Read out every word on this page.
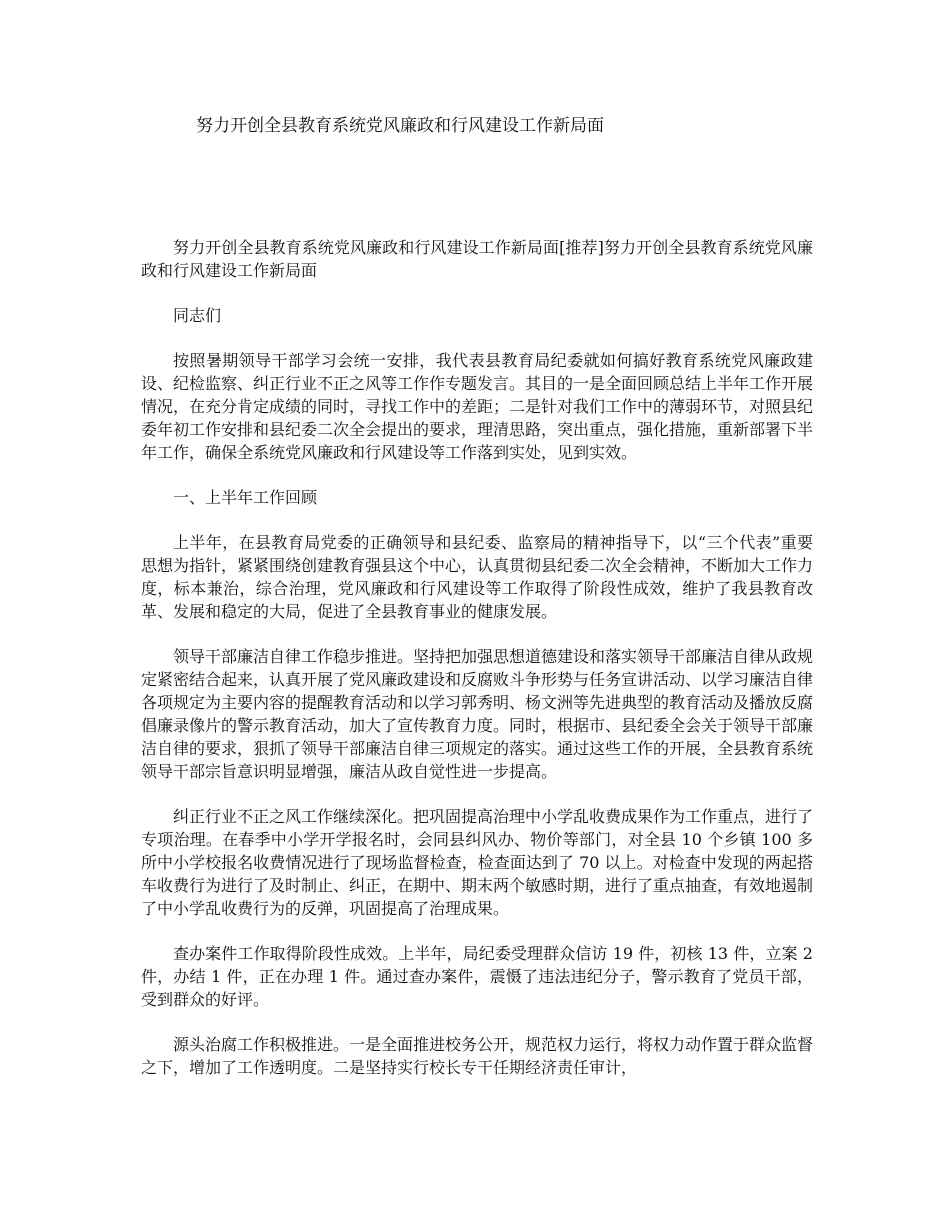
努力开创全县教育系统党风廉政和行风建设工作新局面

努力开创全县教育系统党风廉政和行风建设工作新局面[推荐]努力开创全县教育系统党风廉政和行风建设工作新局面

同志们

按照暑期领导干部学习会统一安排，我代表县教育局纪委就如何搞好教育系统党风廉政建设、纪检监察、纠正行业不正之风等工作作专题发言。其目的一是全面回顾总结上半年工作开展情况，在充分肯定成绩的同时，寻找工作中的差距；二是针对我们工作中的薄弱环节，对照县纪委年初工作安排和县纪委二次全会提出的要求，理清思路，突出重点，强化措施，重新部署下半年工作，确保全系统党风廉政和行风建设等工作落到实处，见到实效。

一、上半年工作回顾

上半年，在县教育局党委的正确领导和县纪委、监察局的精神指导下，以“三个代表”重要思想为指针，紧紧围绕创建教育强县这个中心，认真贯彻县纪委二次全会精神，不断加大工作力度，标本兼治，综合治理，党风廉政和行风建设等工作取得了阶段性成效，维护了我县教育改革、发展和稳定的大局，促进了全县教育事业的健康发展。

领导干部廉洁自律工作稳步推进。坚持把加强思想道德建设和落实领导干部廉洁自律从政规定紧密结合起来，认真开展了党风廉政建设和反腐败斗争形势与任务宣讲活动、以学习廉洁自律各项规定为主要内容的提醒教育活动和以学习郭秀明、杨文洲等先进典型的教育活动及播放反腐倡廉录像片的警示教育活动，加大了宣传教育力度。同时，根据市、县纪委全会关于领导干部廉洁自律的要求，狠抓了领导干部廉洁自律三项规定的落实。通过这些工作的开展，全县教育系统领导干部宗旨意识明显增强，廉洁从政自觉性进一步提高。

纠正行业不正之风工作继续深化。把巩固提高治理中小学乱收费成果作为工作重点，进行了专项治理。在春季中小学开学报名时，会同县纠风办、物价等部门，对全县 10 个乡镇 100 多所中小学校报名收费情况进行了现场监督检查，检查面达到了 70 以上。对检查中发现的两起搭车收费行为进行了及时制止、纠正，在期中、期末两个敏感时期，进行了重点抽查，有效地遏制了中小学乱收费行为的反弹，巩固提高了治理成果。

查办案件工作取得阶段性成效。上半年，局纪委受理群众信访 19 件，初核 13 件，立案 2 件，办结 1 件，正在办理 1 件。通过查办案件，震慑了违法违纪分子，警示教育了党员干部，受到群众的好评。

源头治腐工作积极推进。一是全面推进校务公开，规范权力运行，将权力动作置于群众监督之下，增加了工作透明度。二是坚持实行校长专干任期经济责任审计，
